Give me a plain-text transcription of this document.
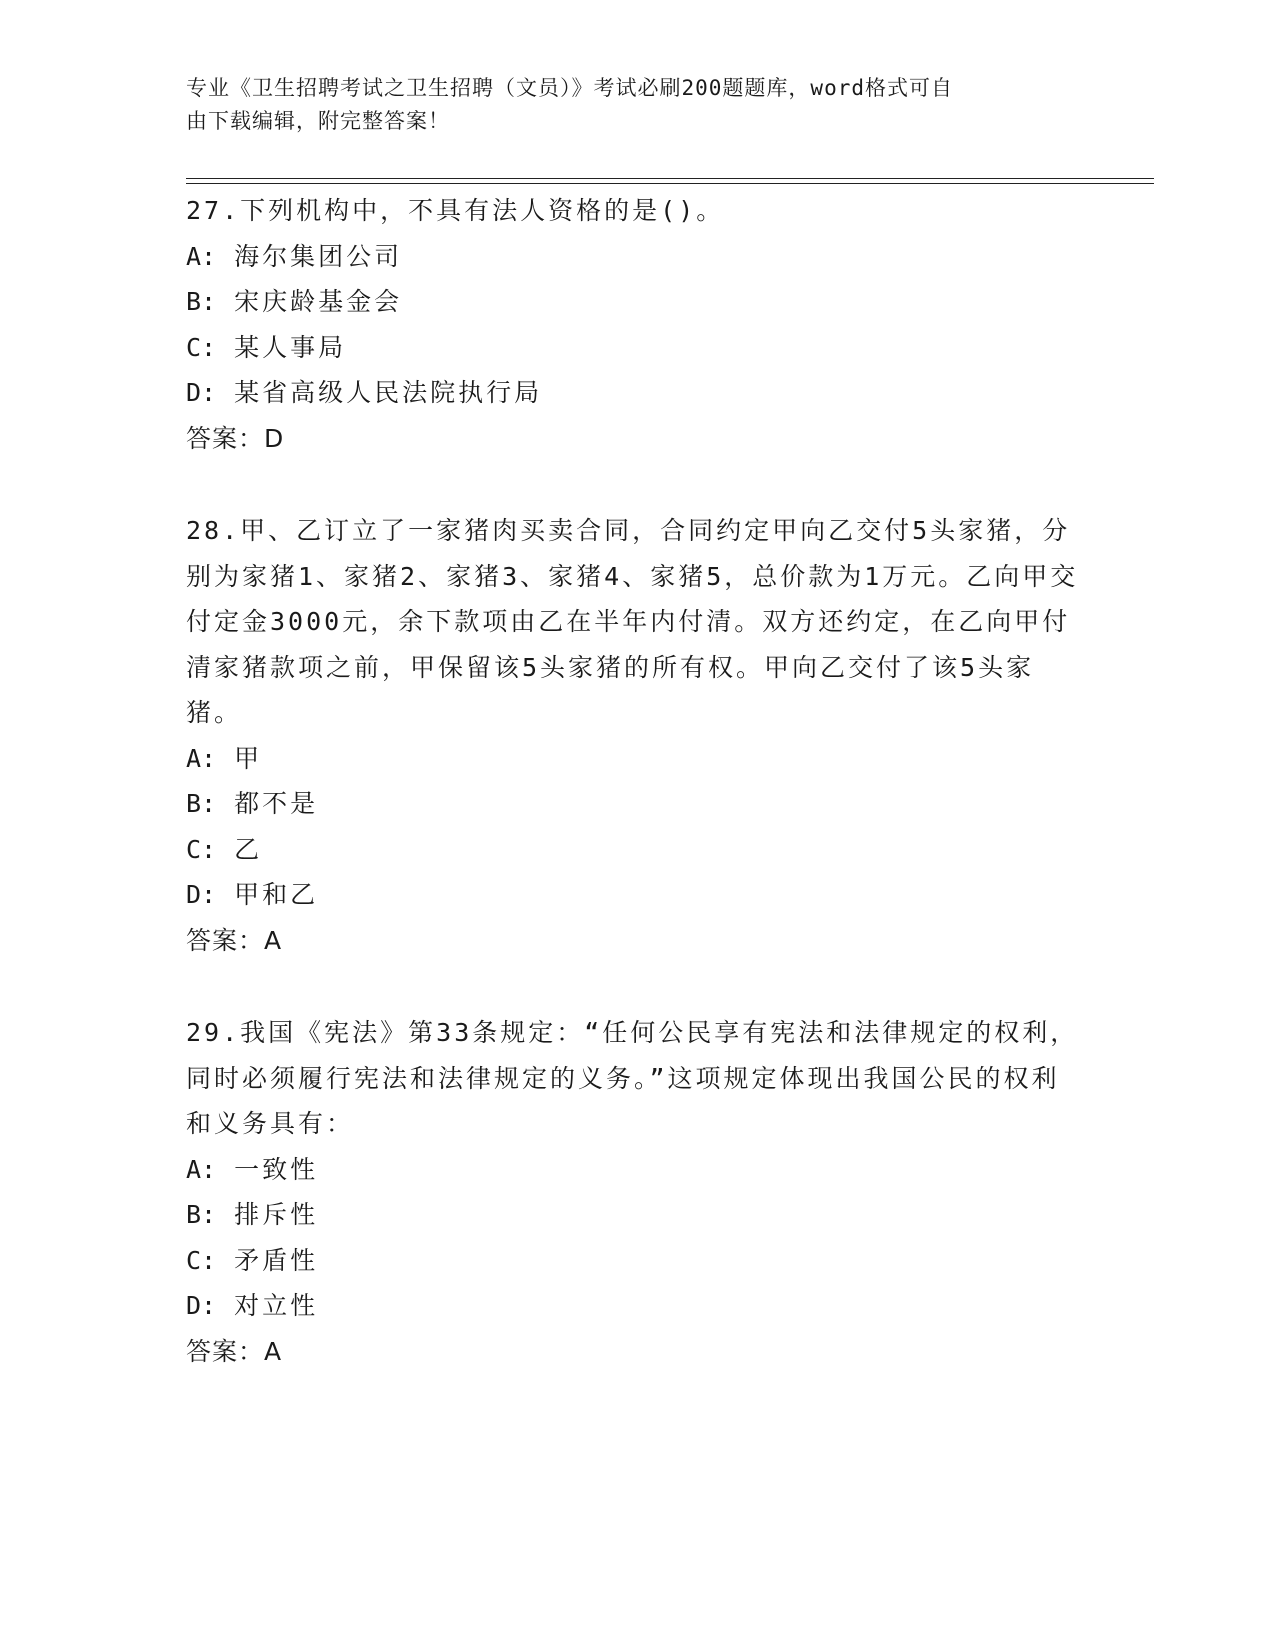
专业《卫生招聘考试之卫生招聘（文员）》考试必刷200题题库，word格式可自
由下载编辑，附完整答案！

27.下列机构中，不具有法人资格的是()。

A: 海尔集团公司

B: 宋庆龄基金会

C: 某人事局

D: 某省高级人民法院执行局

答案：D

28.甲、乙订立了一家猪肉买卖合同，合同约定甲向乙交付5头家猪，分别为家猪1、家猪2、家猪3、家猪4、家猪5，总价款为1万元。乙向甲交付定金3000元，余下款项由乙在半年内付清。双方还约定，在乙向甲付清家猪款项之前，甲保留该5头家猪的所有权。甲向乙交付了该5头家猪。

A: 甲

B: 都不是

C: 乙

D: 甲和乙

答案：A

29.我国《宪法》第33条规定：“任何公民享有宪法和法律规定的权利，同时必须履行宪法和法律规定的义务。”这项规定体现出我国公民的权利和义务具有：

A: 一致性

B: 排斥性

C: 矛盾性

D: 对立性

答案：A
